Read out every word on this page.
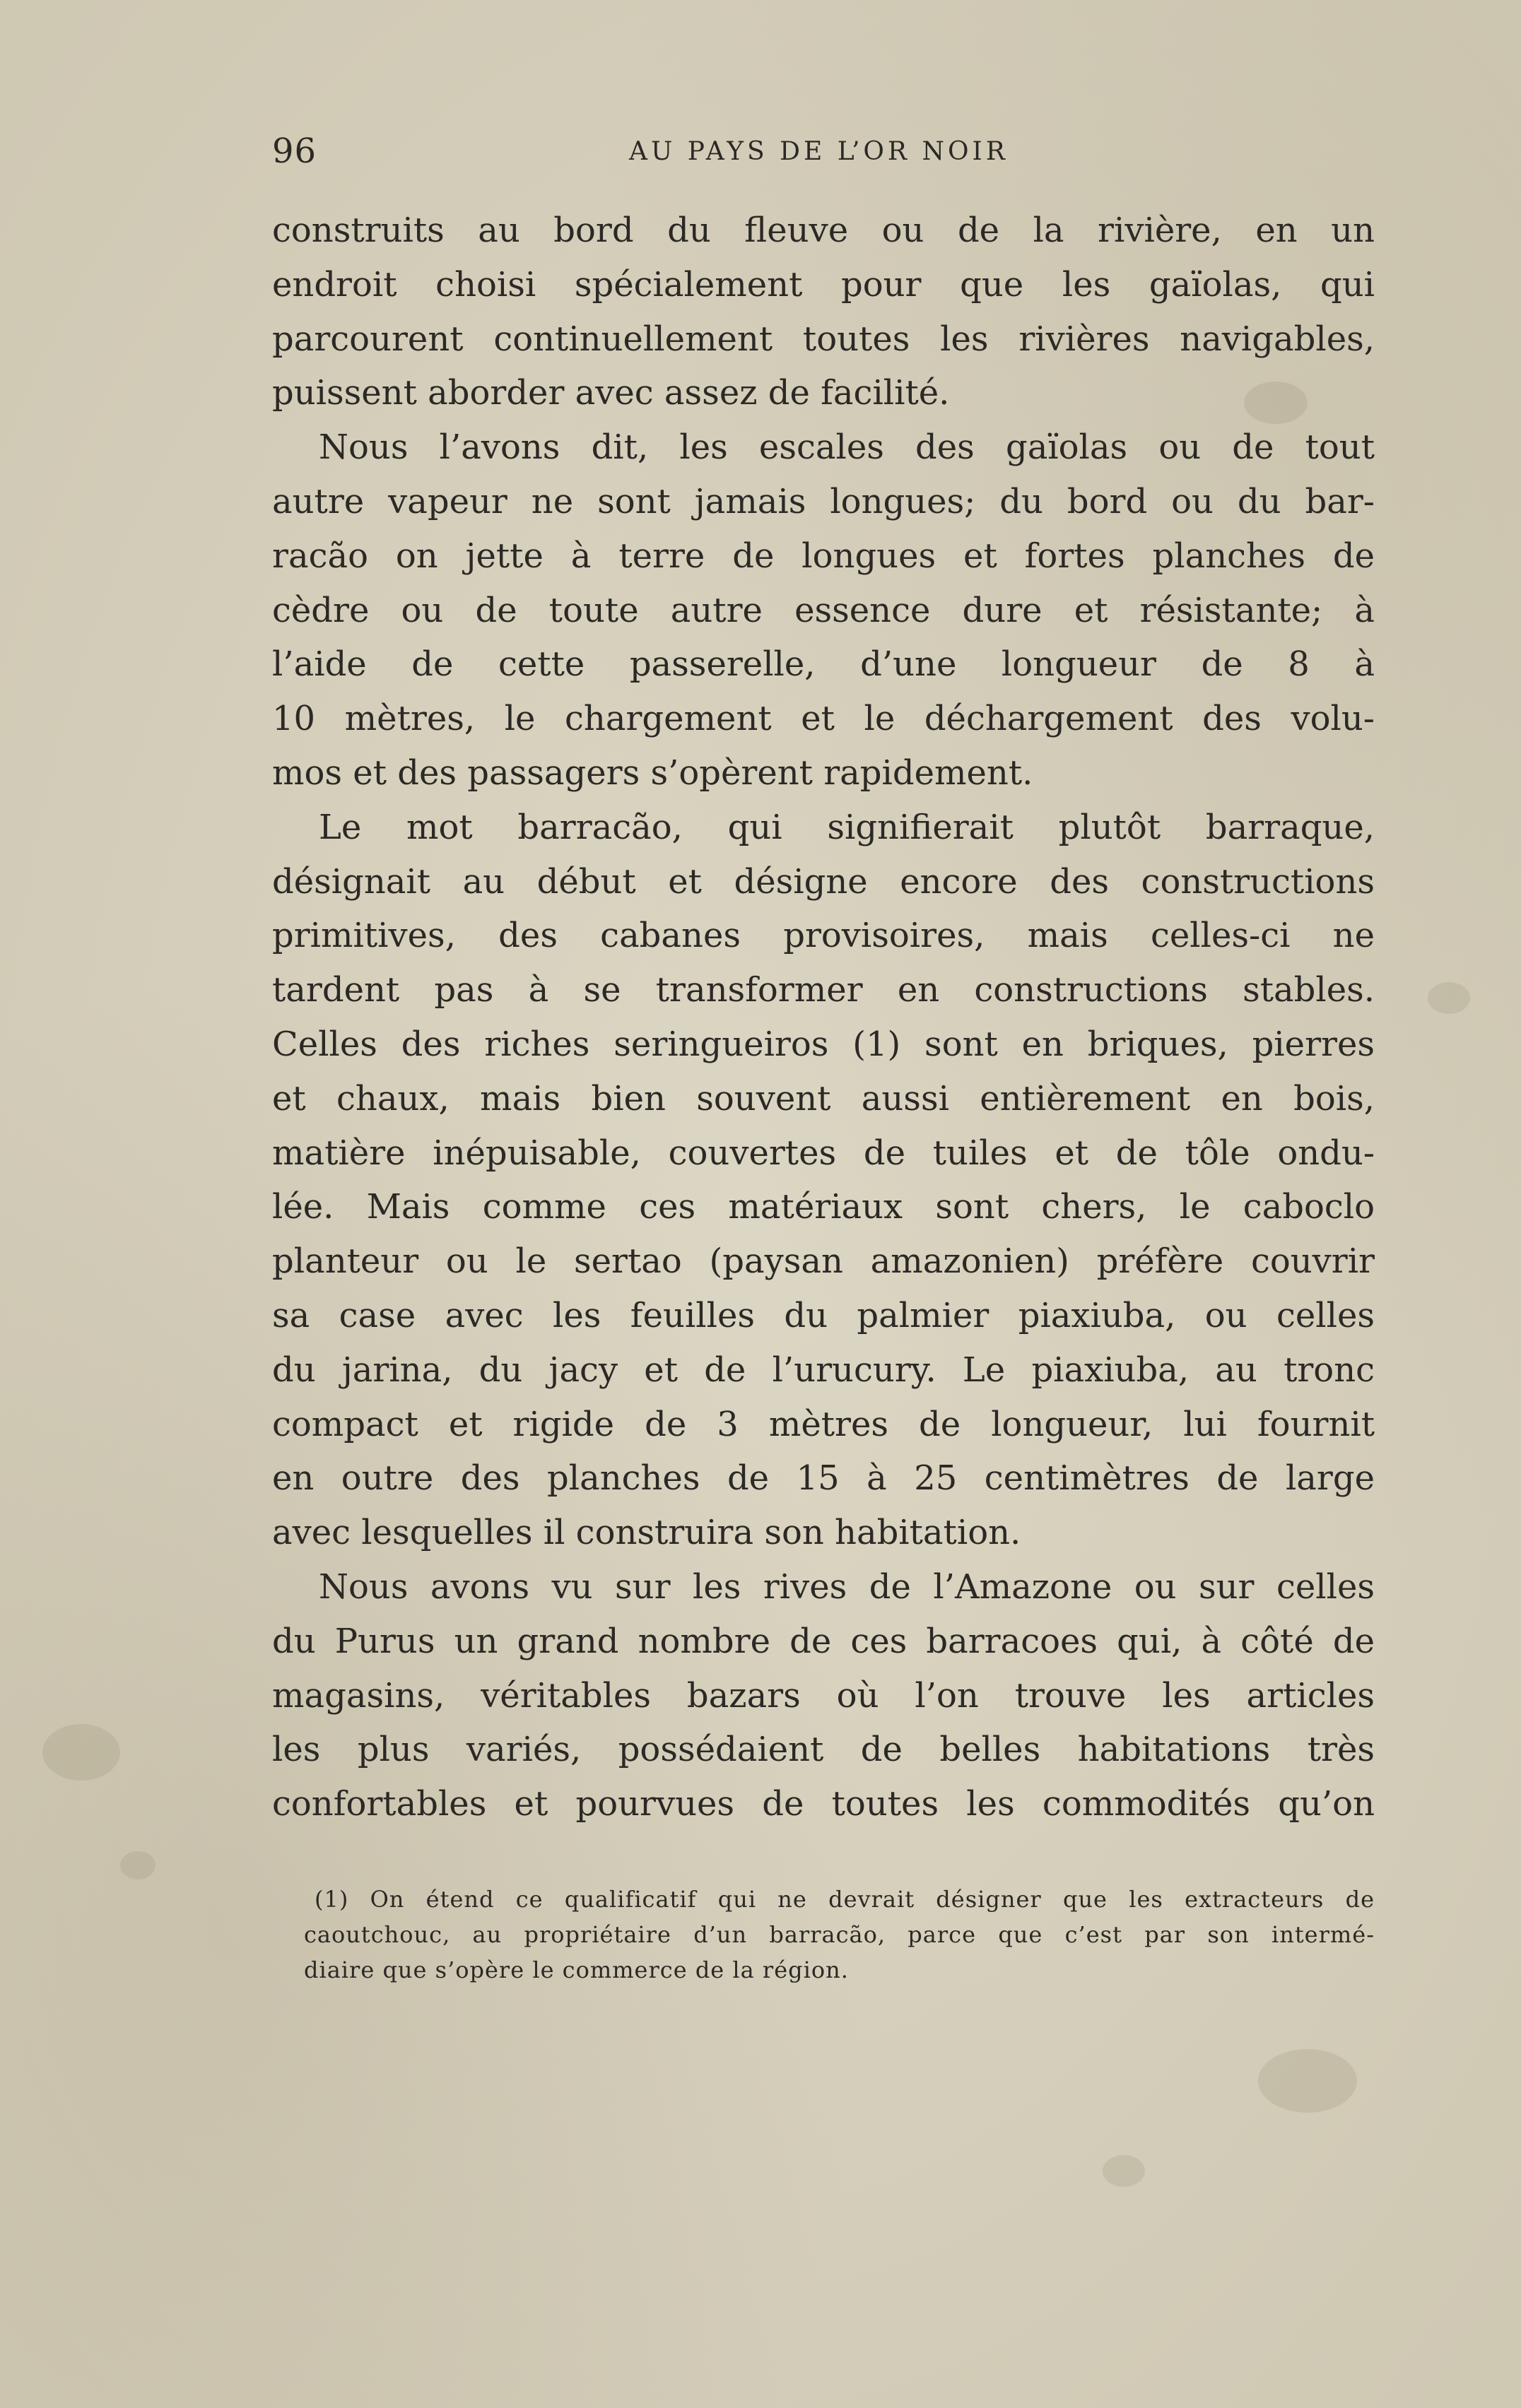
96	AU PAYS DE L’OR NOIR
construits au bord du fleuve ou de la rivière, en un
endroit choisi spécialement pour que les gaïolas, qui
parcourent continuellement toutes les rivières navigables,
puissent aborder avec assez de facilité.
Nous l’avons dit, les escales des gaïolas ou de tout
autre vapeur ne sont jamais longues; du bord ou du bar-
racão on jette à terre de longues et fortes planches de
cèdre ou de toute autre essence dure et résistante; à
l’aide de cette passerelle, d’une longueur de 8 à
10 mètres, le chargement et le déchargement des volu-
mos et des passagers s’opèrent rapidement.
Le mot barracão, qui signifierait plutôt barraque,
désignait au début et désigne encore des constructions
primitives, des cabanes provisoires, mais celles-ci ne
tardent pas à se transformer en constructions stables.
Celles des riches seringueiros (1) sont en briques, pierres
et chaux, mais bien souvent aussi entièrement en bois,
matière inépuisable, couvertes de tuiles et de tôle ondu-
lée. Mais comme ces matériaux sont chers, le caboclo
planteur ou le sertao (paysan amazonien) préfère couvrir
sa case avec les feuilles du palmier piaxiuba, ou celles
du jarina, du jacy et de l’urucury. Le piaxiuba, au tronc
compact et rigide de 3 mètres de longueur, lui fournit
en outre des planches de 15 à 25 centimètres de large
avec lesquelles il construira son habitation.
Nous avons vu sur les rives de l’Amazone ou sur celles
du Purus un grand nombre de ces barracoes qui, à côté de
magasins, véritables bazars où l’on trouve les articles
les plus variés, possédaient de belles habitations très
confortables et pourvues de toutes les commodités qu’on
(1) On étend ce qualificatif qui ne devrait désigner que les extracteurs de
caoutchouc, au propriétaire d’un barracão, parce que c’est par son intermé-
diaire que s’opère le commerce de la région.
